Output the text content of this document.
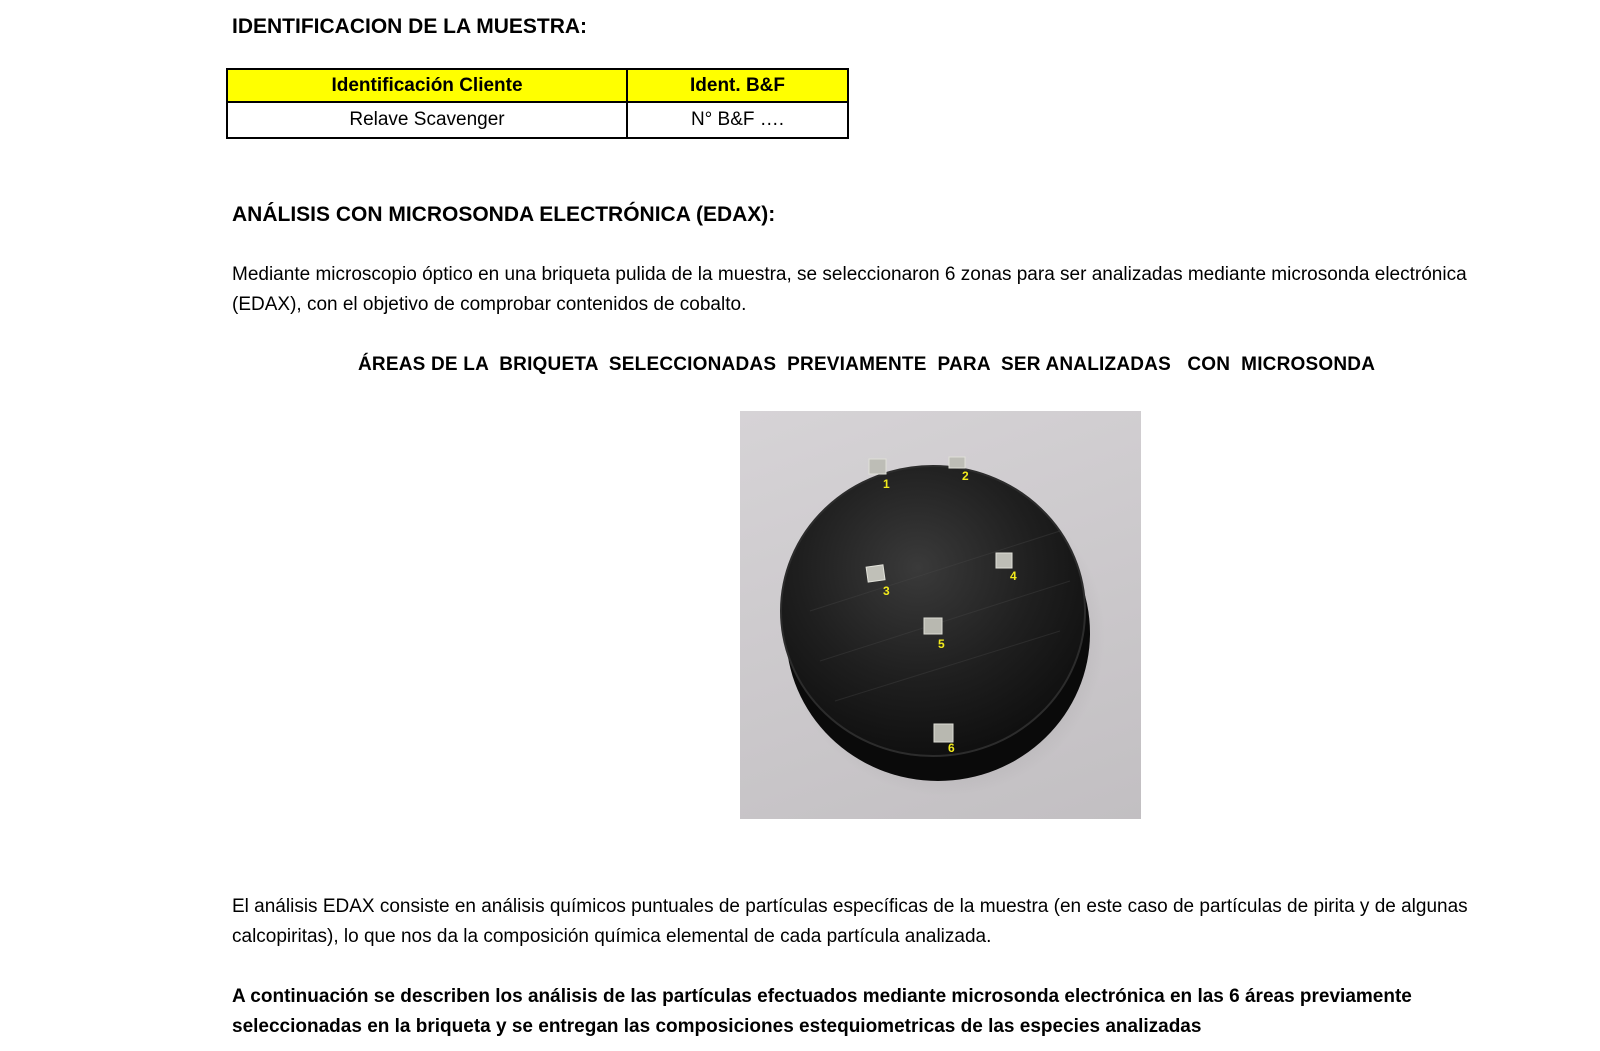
IDENTIFICACION DE LA MUESTRA:
Identificación Cliente	Ident. B&F
Relave Scavenger	N° B&F ….
ANÁLISIS CON MICROSONDA ELECTRÓNICA (EDAX):
Mediante microscopio óptico en una briqueta pulida de la muestra, se seleccionaron 6 zonas para ser analizadas mediante microsonda electrónica (EDAX), con el objetivo de comprobar contenidos de cobalto.
ÁREAS DE LA  BRIQUETA  SELECCIONADAS  PREVIAMENTE  PARA  SER ANALIZADAS   CON  MICROSONDA
1
2
3
4
5
6
El análisis EDAX consiste en análisis químicos puntuales de partículas específicas de la muestra (en este caso de partículas de pirita y de algunas calcopiritas), lo que nos da la composición química elemental de cada partícula analizada.
A continuación se describen los análisis de las partículas efectuados mediante microsonda electrónica en las 6 áreas previamente seleccionadas en la briqueta y se entregan las composiciones estequiometricas de las especies analizadas
